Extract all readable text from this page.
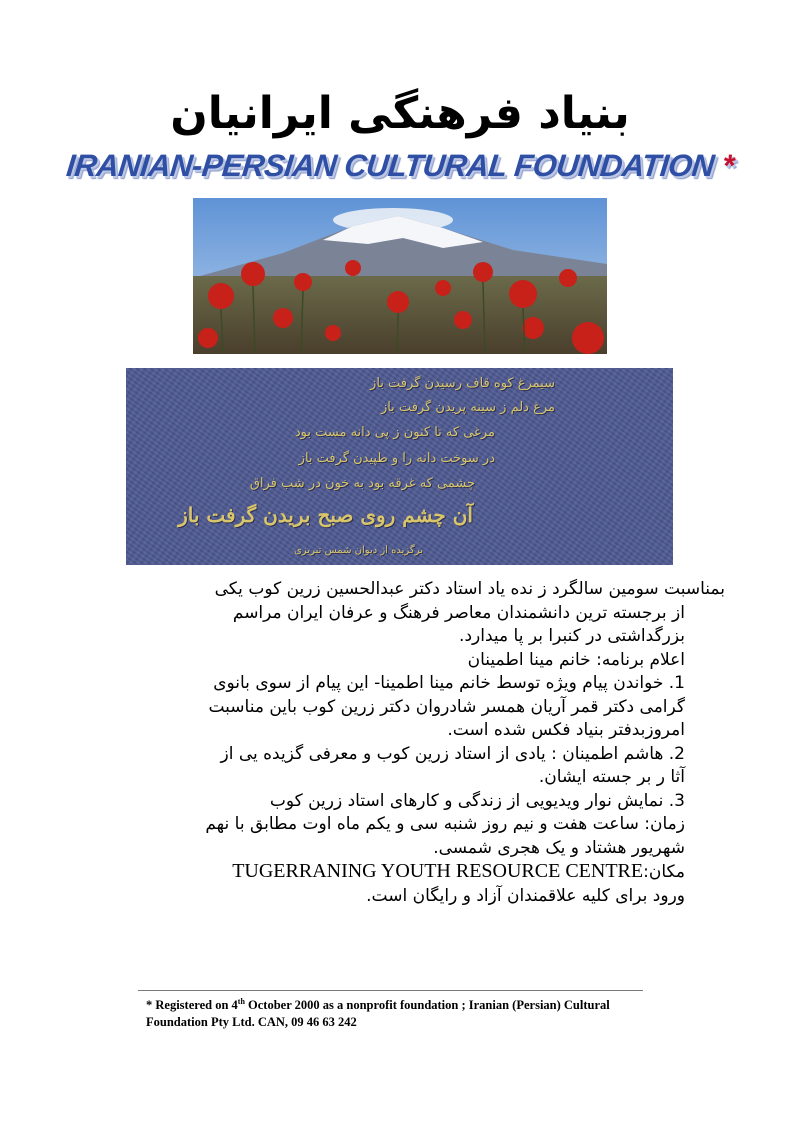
بنیاد فرهنگی ایرانیان
IRANIAN-PERSIAN CULTURAL FOUNDATION *
سیمرغ کوه قاف رسیدن گرفت باز
مرغ دلم ز سینه پریدن گرفت باز
مرغی که تا کنون ز پی دانه مست بود
در سوخت دانه را و طپیدن گرفت باز
چشمی که غرقه بود به خون در شب فراق
آن چشم روی صبح بریدن گرفت باز
برگزیده از دیوان شمس تبریزی
بمناسبت سومین سالگرد ز نده یاد استاد دکتر عبدالحسین زرین کوب یکی
از برجسته ترین دانشمندان معاصر فرهنگ و عرفان ایران مراسم
بزرگداشتی در کنبرا بر پا میدارد.
اعلام برنامه: خانم مینا اطمینان
1. خواندن پیام ویژه توسط خانم مینا اطمینا- این پیام از سوی بانوی
گرامی دکتر قمر آریان همسر شادروان دکتر زرین کوب باین مناسبت
امروزبدفتر بنیاد فکس شده است.
2. هاشم اطمینان : یادی از استاد زرین کوب و معرفی گزیده یی از
آثا ر بر جسته ایشان.
3. نمایش نوار ویدیویی از زندگی و کارهای استاد زرین کوب
زمان: ساعت هفت و نیم روز شنبه سی و یکم ماه اوت مطابق با نهم
شهریور هشتاد و یک هجری شمسی.
مکان:TUGERRANING YOUTH RESOURCE CENTRE
ورود برای کلیه علاقمندان آزاد و رایگان است.
* Registered on 4th October 2000 as a nonprofit foundation ; Iranian (Persian) Cultural
Foundation Pty Ltd. CAN, 09 46 63 242
